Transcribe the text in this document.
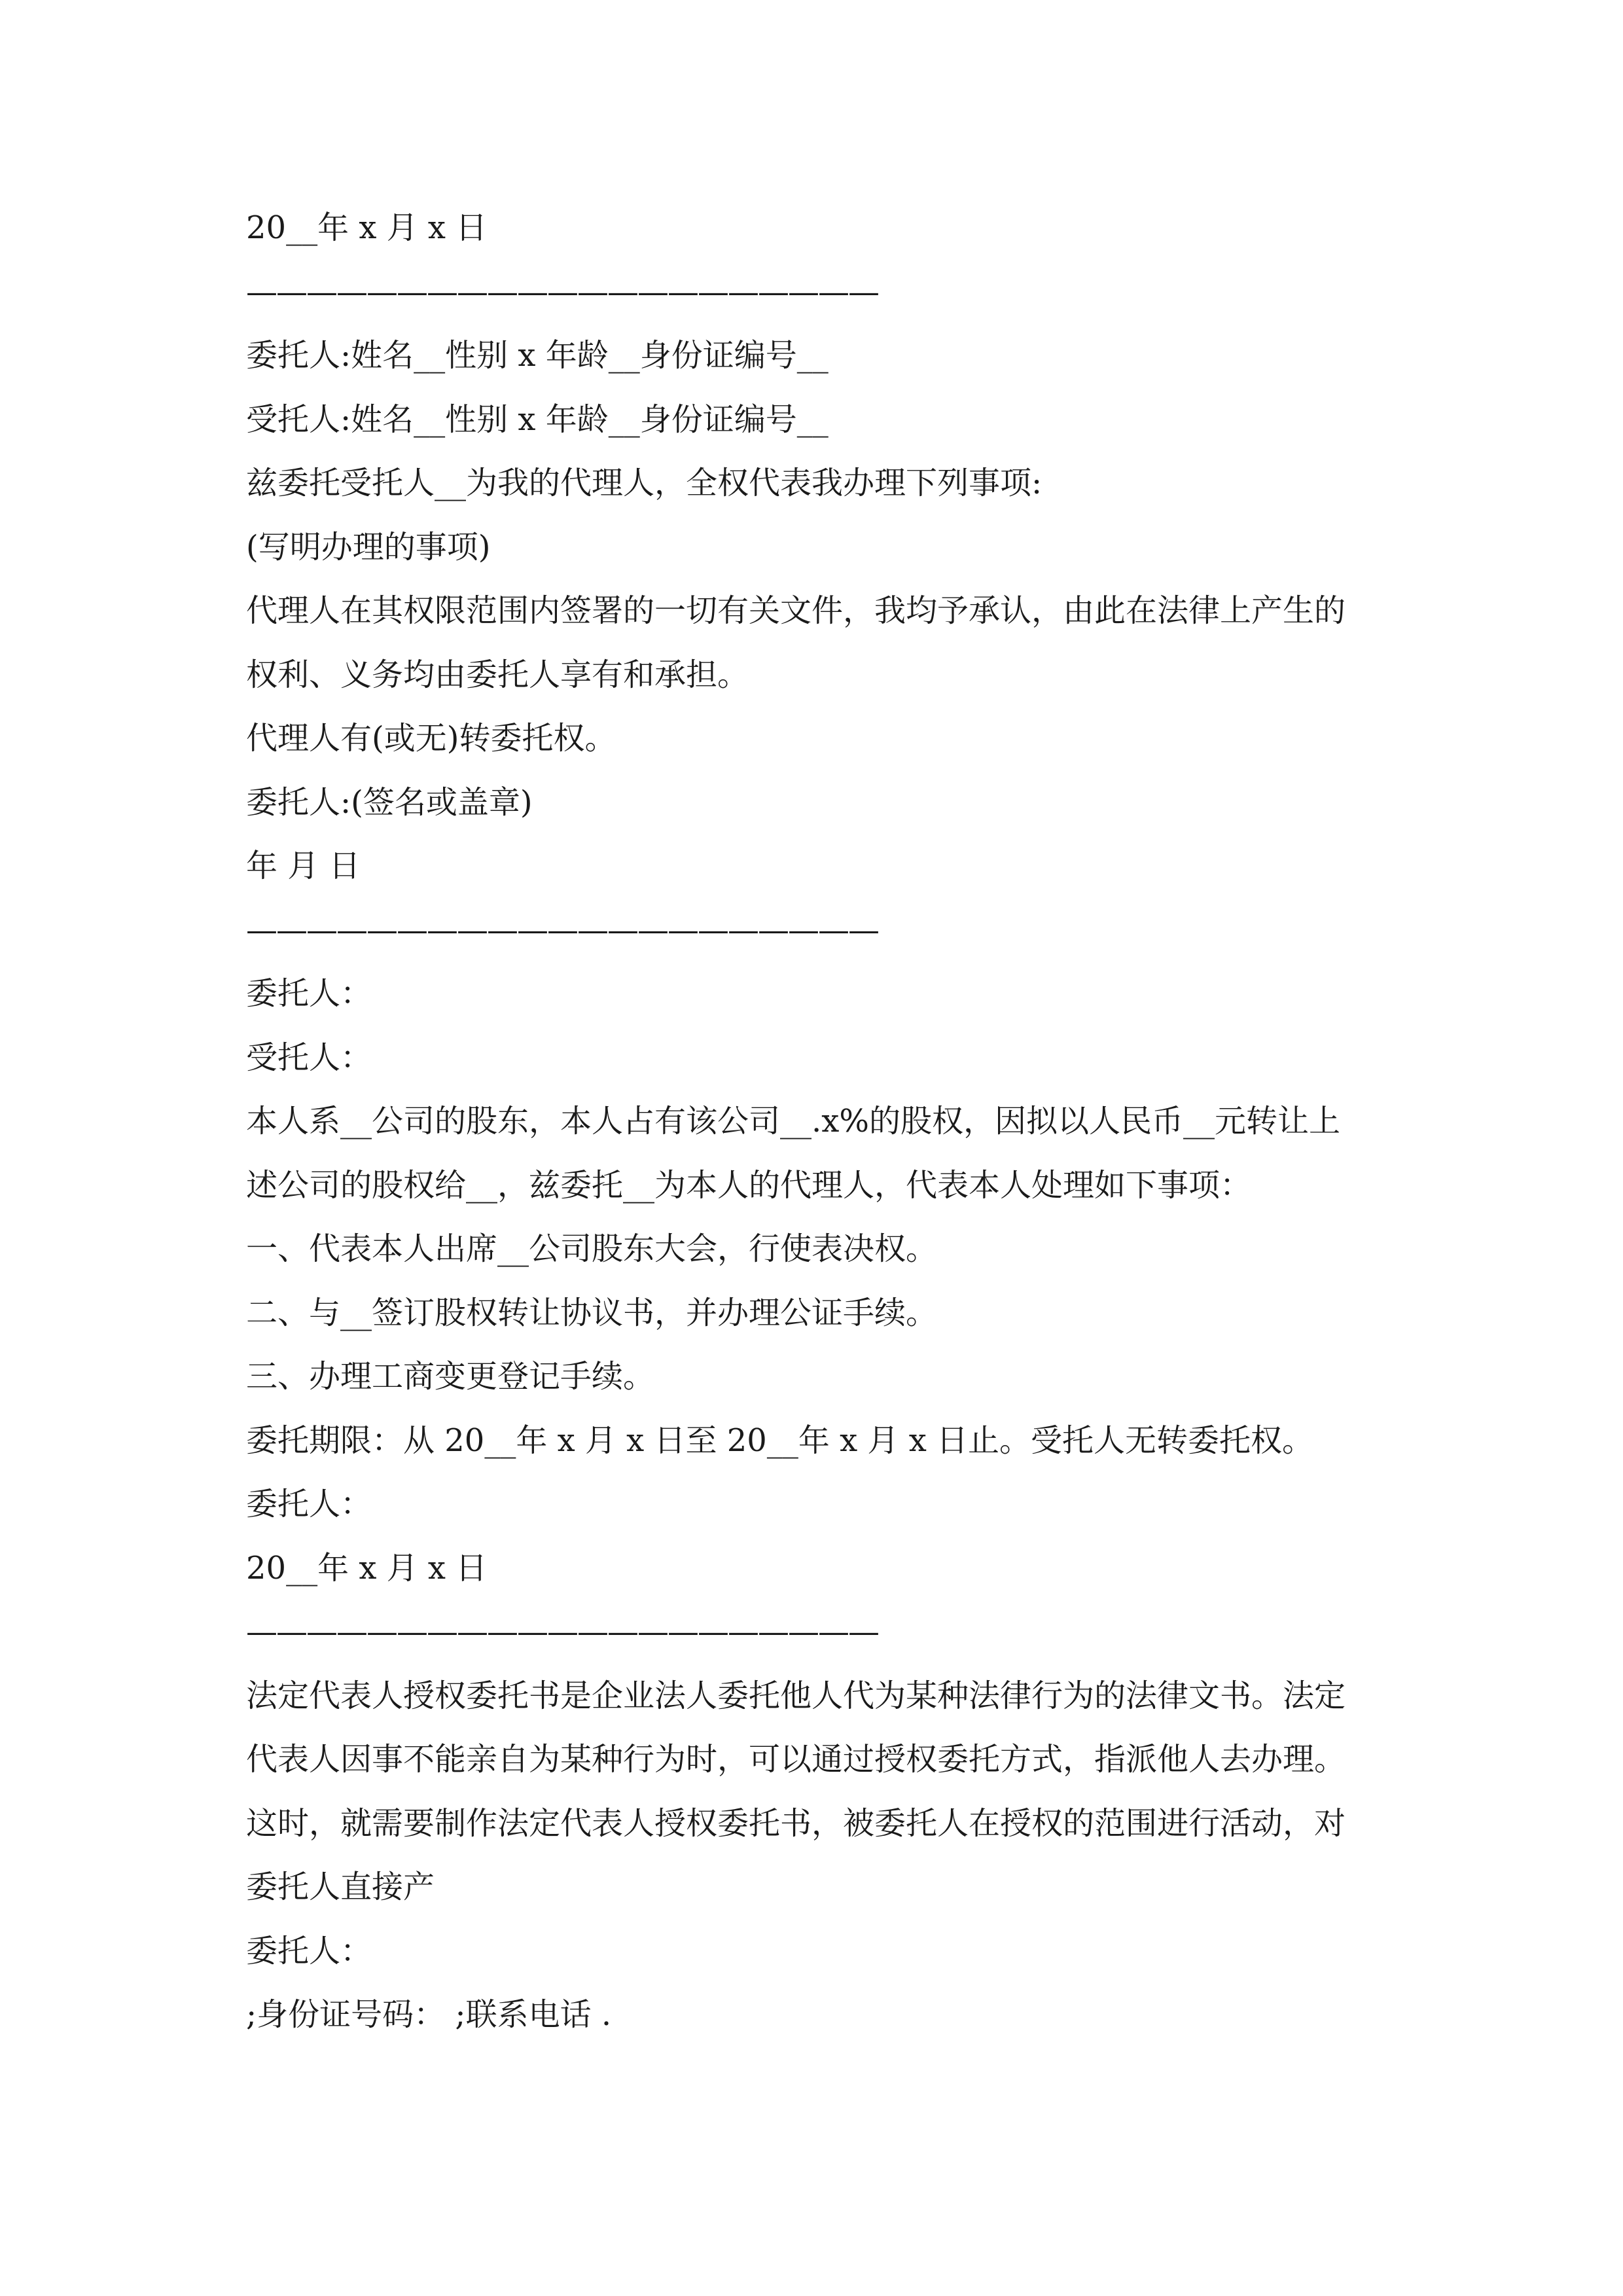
20__年 x 月 x 日
—————————————————————
委托人:姓名__性别 x 年龄__身份证编号__
受托人:姓名__性别 x 年龄__身份证编号__
兹委托受托人__为我的代理人，全权代表我办理下列事项:
(写明办理的事项)
代理人在其权限范围内签署的一切有关文件，我均予承认，由此在法律上产生的
权利、义务均由委托人享有和承担。
代理人有(或无)转委托权。
委托人:(签名或盖章)
年 月 日
—————————————————————
委托人：
受托人：
本人系__公司的股东，本人占有该公司__.x%的股权，因拟以人民币__元转让上
述公司的股权给__，兹委托__为本人的代理人，代表本人处理如下事项：
一、代表本人出席__公司股东大会，行使表决权。
二、与__签订股权转让协议书，并办理公证手续。
三、办理工商变更登记手续。
委托期限：从 20__年 x 月 x 日至 20__年 x 月 x 日止。受托人无转委托权。
委托人：
20__年 x 月 x 日
—————————————————————
法定代表人授权委托书是企业法人委托他人代为某种法律行为的法律文书。法定
代表人因事不能亲自为某种行为时，可以通过授权委托方式，指派他人去办理。
这时，就需要制作法定代表人授权委托书，被委托人在授权的范围进行活动，对
委托人直接产
委托人：
;身份证号码： ;联系电话 .
